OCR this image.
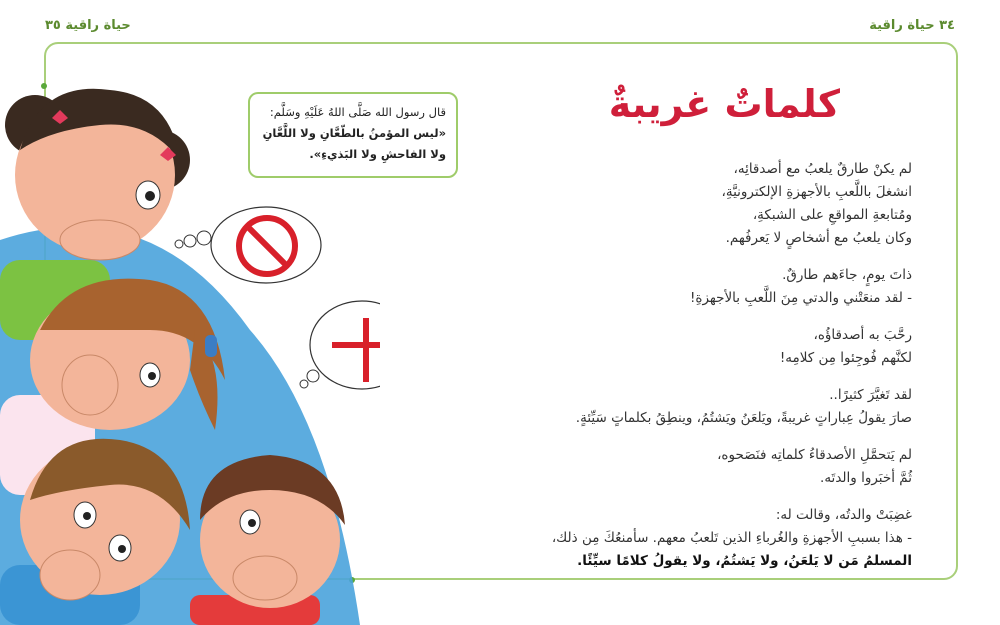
٣٤ حياة راقية
حياة راقية ٣٥
كلماتٌ غريبةٌ
قال رسول الله صَلَّى اللهُ عَلَيْهِ وسَلَّم:
«ليس المؤمنُ بالطّعَّانِ ولا اللَّعَّانِ
ولا الفاحشِ ولا البَذيءِ».

لم يكنْ طارقٌ يلعبُ مع أصدقائِه،
انشغلَ باللَّعبِ بالأجهزةِ الإلكترونيَّةِ،
ومُتابعةِ المواقعِ على الشبكةِ،
وكان يلعبُ مع أشخاصٍ لا يَعرفُهم.

ذاتَ يومٍ، جاءَهم طارقٌ.
- لقد منعَتْني والدتي مِنَ اللَّعبِ بالأجهزةِ!

رحَّبَ به أصدقاؤُه،
لكنَّهم فُوجِئوا مِن كلامِه!

لقد تَغيَّرَ كثيرًا..
صارَ يقولُ عِباراتٍ غريبةً، ويَلعَنُ ويَشتُمُ، وينطِقُ بكلماتٍ سَيِّئةٍ.

لم يَتحمَّلِ الأصدقاءُ كلماتِه فنَصَحوه،
ثُمَّ أخبَروا والدتَه.

غضِبَتْ والدتُه، وقالت له:
- هذا بسببِ الأجهزةِ والغُرباءِ الذين تَلعبُ معهم. سأمنعُكَ مِن ذلك،
المسلمُ مَن لا يَلعَنُ، ولا يَشتُمُ، ولا يقولُ كلامًا سيِّئًا.
